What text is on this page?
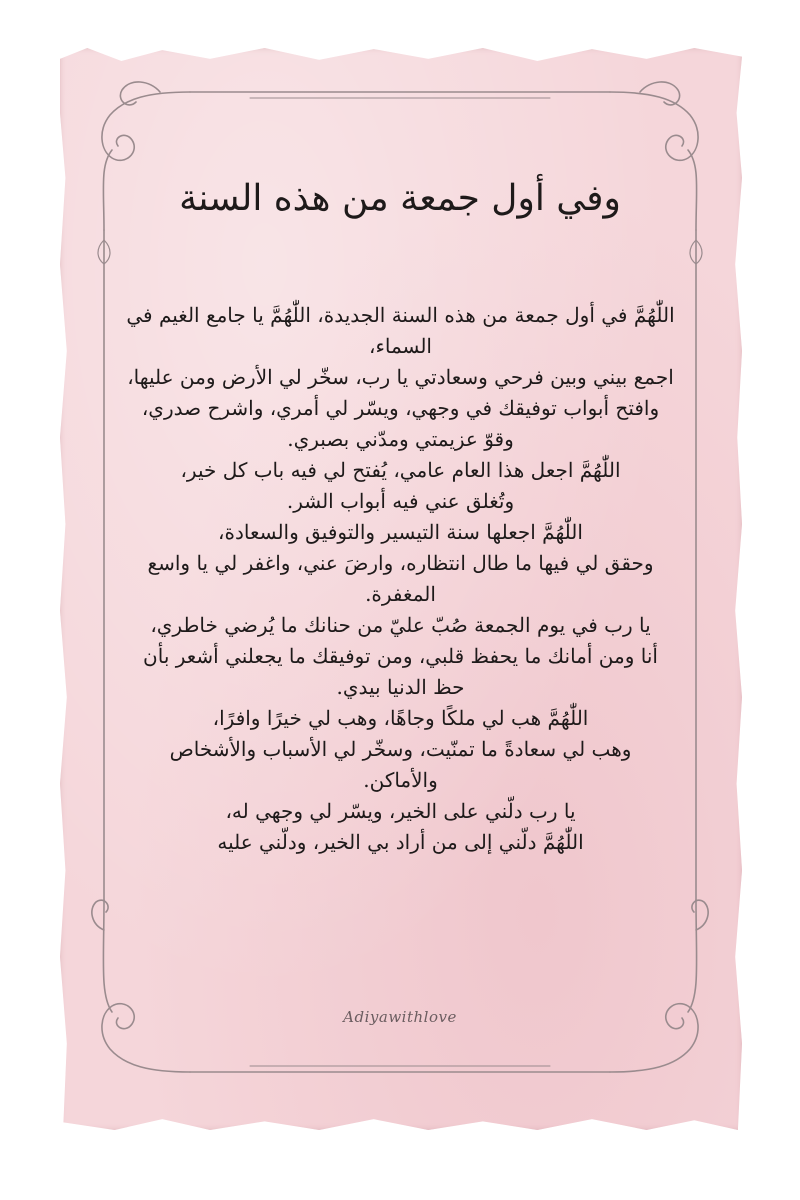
وفي أول جمعة من هذه السنة
اللّٰهُمَّ في أول جمعة من هذه السنة الجديدة، اللّٰهُمَّ يا جامع الغيم في
السماء،
اجمع بيني وبين فرحي وسعادتي يا رب، سخّر لي الأرض ومن عليها،
وافتح أبواب توفيقك في وجهي، ويسّر لي أمري، واشرح صدري،
وقوّ عزيمتي ومدّني بصبري.
اللّٰهُمَّ اجعل هذا العام عامي، يُفتح لي فيه باب كل خير،
وتُغلق عني فيه أبواب الشر.
اللّٰهُمَّ اجعلها سنة التيسير والتوفيق والسعادة،
وحقق لي فيها ما طال انتظاره، وارضَ عني، واغفر لي يا واسع
المغفرة.
يا رب في يوم الجمعة صُبّ عليّ من حنانك ما يُرضي خاطري،
أنا ومن أمانك ما يحفظ قلبي، ومن توفيقك ما يجعلني أشعر بأن
حظ الدنيا بيدي.
اللّٰهُمَّ هب لي ملكًا وجاهًا، وهب لي خيرًا وافرًا،
وهب لي سعادةً ما تمنّيت، وسخّر لي الأسباب والأشخاص
والأماكن.
يا رب دلّني على الخير، ويسّر لي وجهي له،
اللّٰهُمَّ دلّني إلى من أراد بي الخير، ودلّني عليه
Adiyawithlove
